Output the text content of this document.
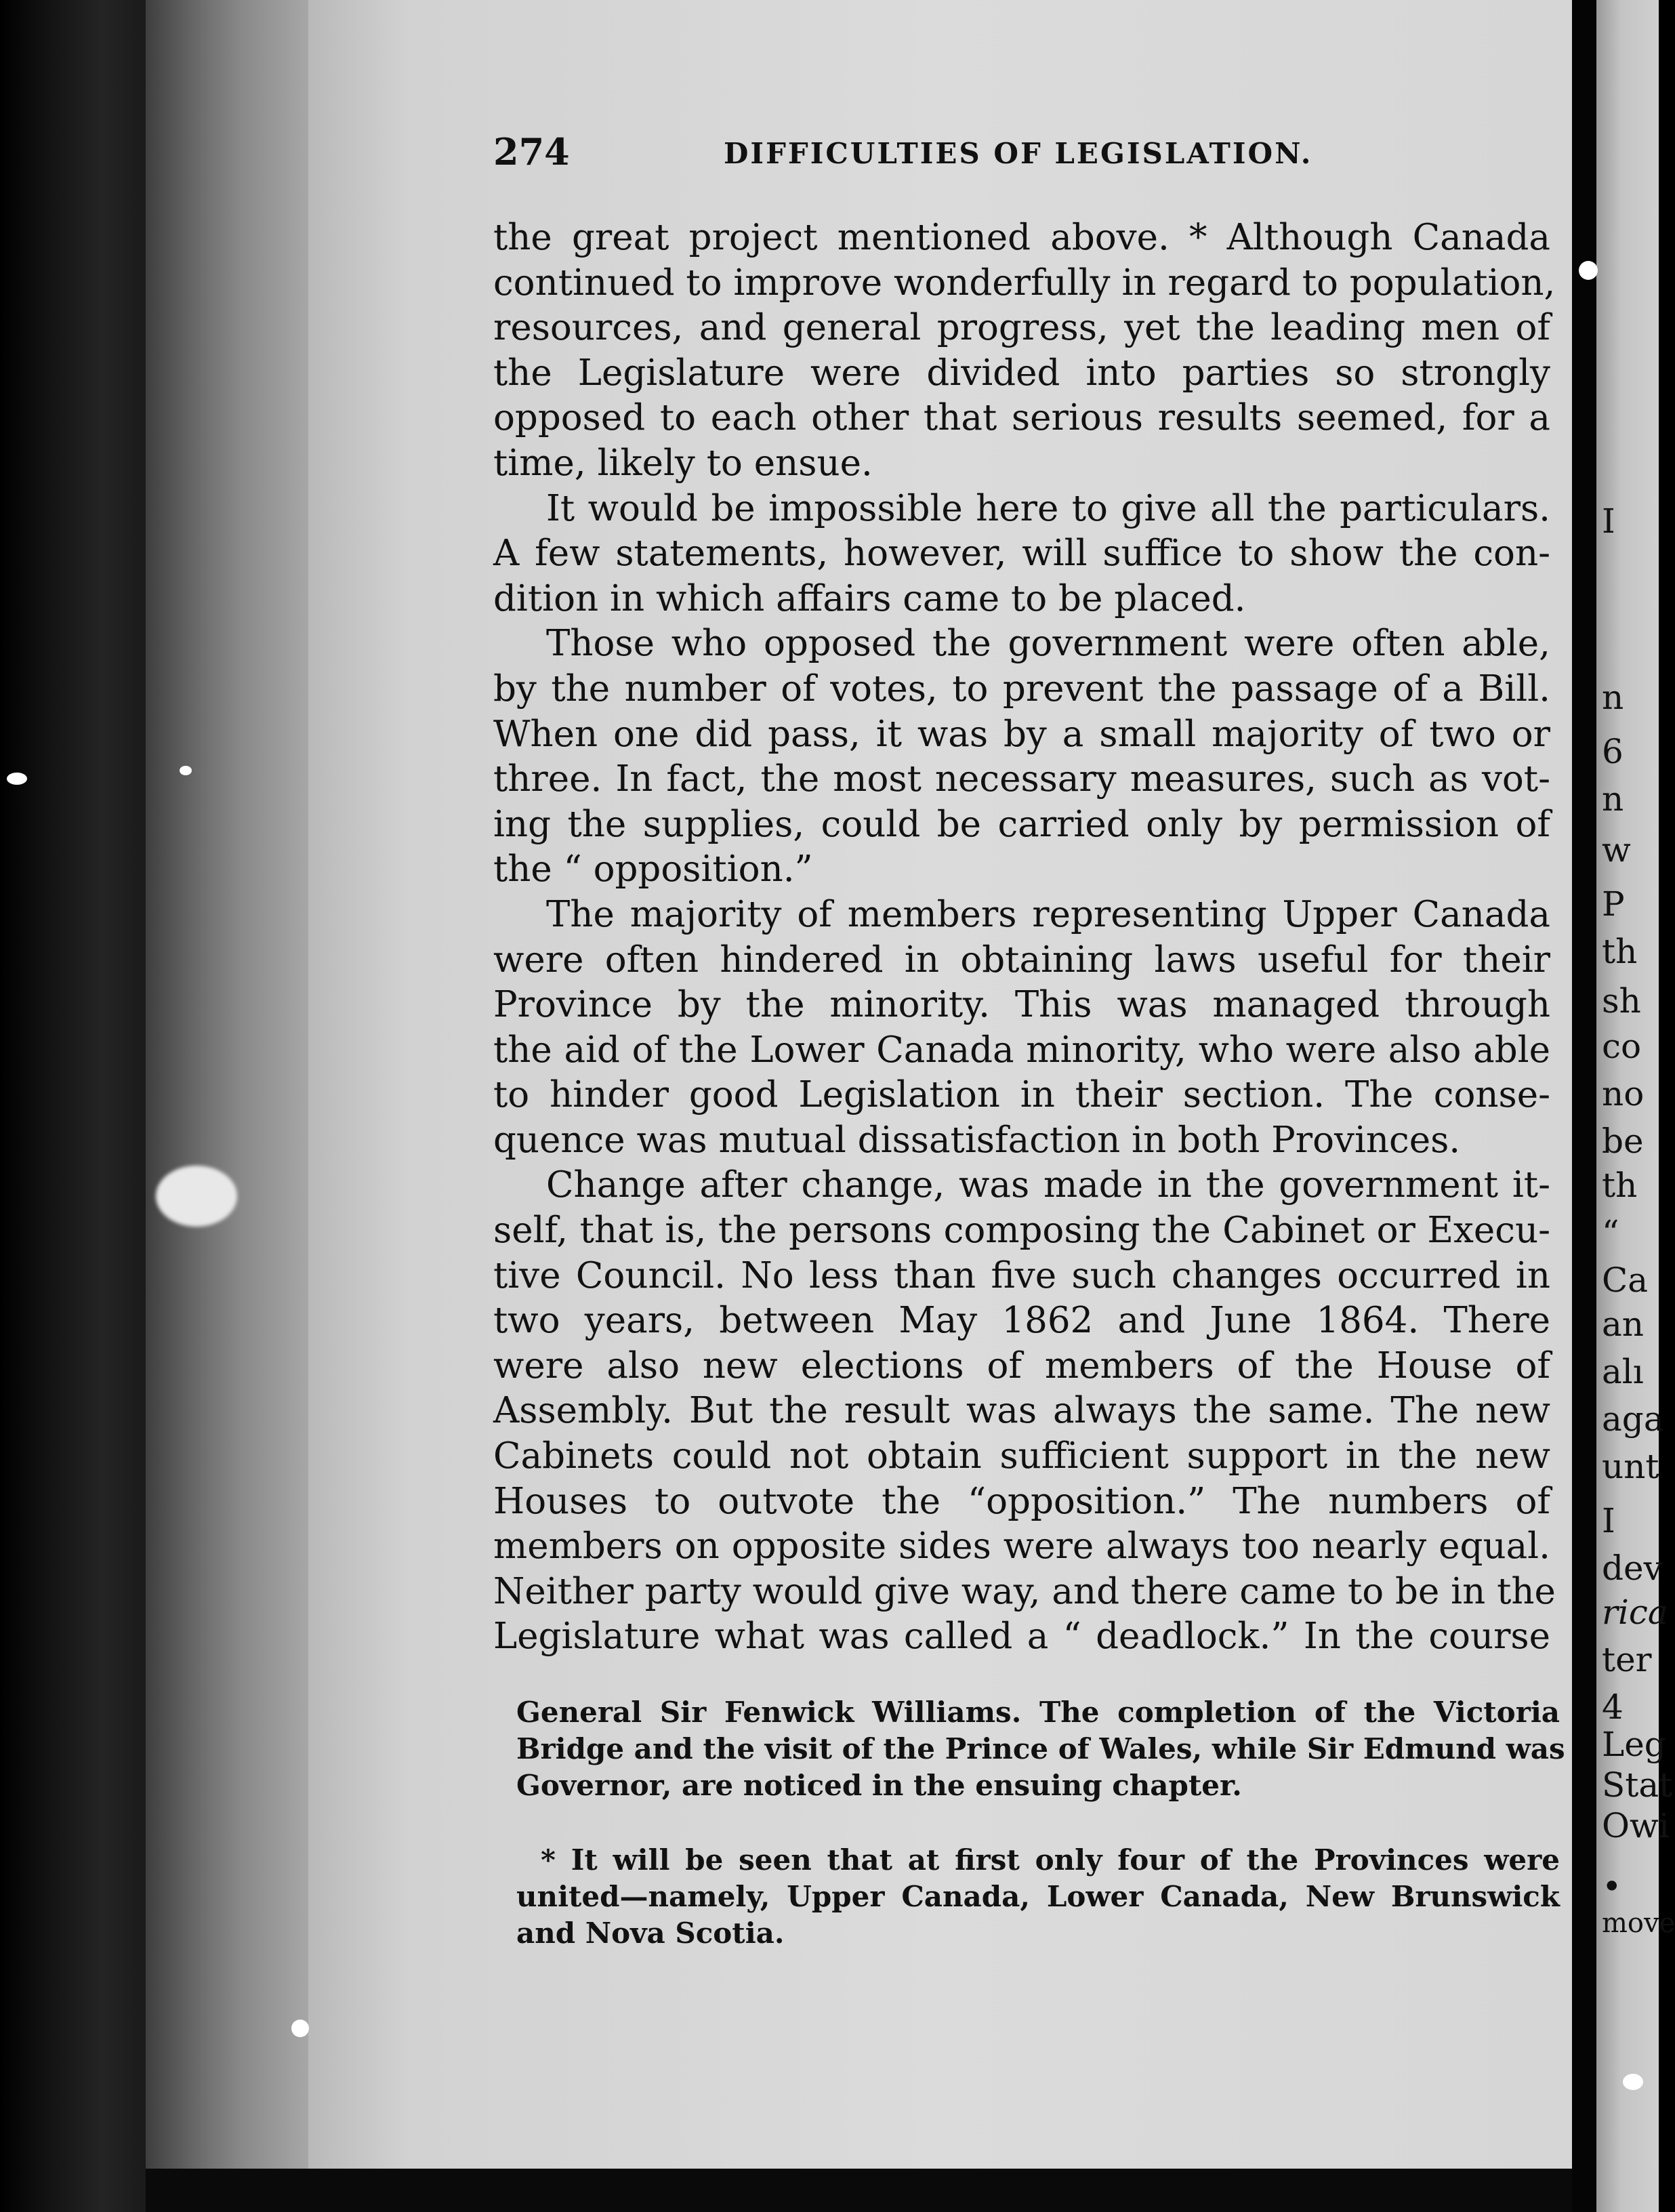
274	DIFFICULTIES OF LEGISLATION.
the great project mentioned above. * Although Canada
continued to improve wonderfully in regard to population,
resources, and general progress, yet the leading men of
the Legislature were divided into parties so strongly
opposed to each other that serious results seemed, for a
time, likely to ensue.
It would be impossible here to give all the particulars.
A few statements, however, will suffice to show the con-
dition in which affairs came to be placed.
Those who opposed the government were often able,
by the number of votes, to prevent the passage of a Bill.
When one did pass, it was by a small majority of two or
three. In fact, the most necessary measures, such as vot-
ing the supplies, could be carried only by permission of
the “ opposition.”
The majority of members representing Upper Canada
were often hindered in obtaining laws useful for their
Province by the minority. This was managed through
the aid of the Lower Canada minority, who were also able
to hinder good Legislation in their section. The conse-
quence was mutual dissatisfaction in both Provinces.
Change after change, was made in the government it-
self, that is, the persons composing the Cabinet or Execu-
tive Council. No less than five such changes occurred in
two years, between May 1862 and June 1864. There
were also new elections of members of the House of
Assembly. But the result was always the same. The new
Cabinets could not obtain sufficient support in the new
Houses to outvote the “opposition.” The numbers of
members on opposite sides were always too nearly equal.
Neither party would give way, and there came to be in the
Legislature what was called a “ deadlock.” In the course
General Sir Fenwick Williams. The completion of the Victoria
Bridge and the visit of the Prince of Wales, while Sir Edmund was
Governor, are noticed in the ensuing chapter.
* It will be seen that at first only four of the Provinces were
united—namely, Upper Canada, Lower Canada, New Brunswick
and Nova Scotia.
I
n
6
n
w
P
th
sh
co
no
be
th
“
Ca
an
alı
aga
unt
I
dev
rica
ter
4
Leg
Stat
Owi
•
move
